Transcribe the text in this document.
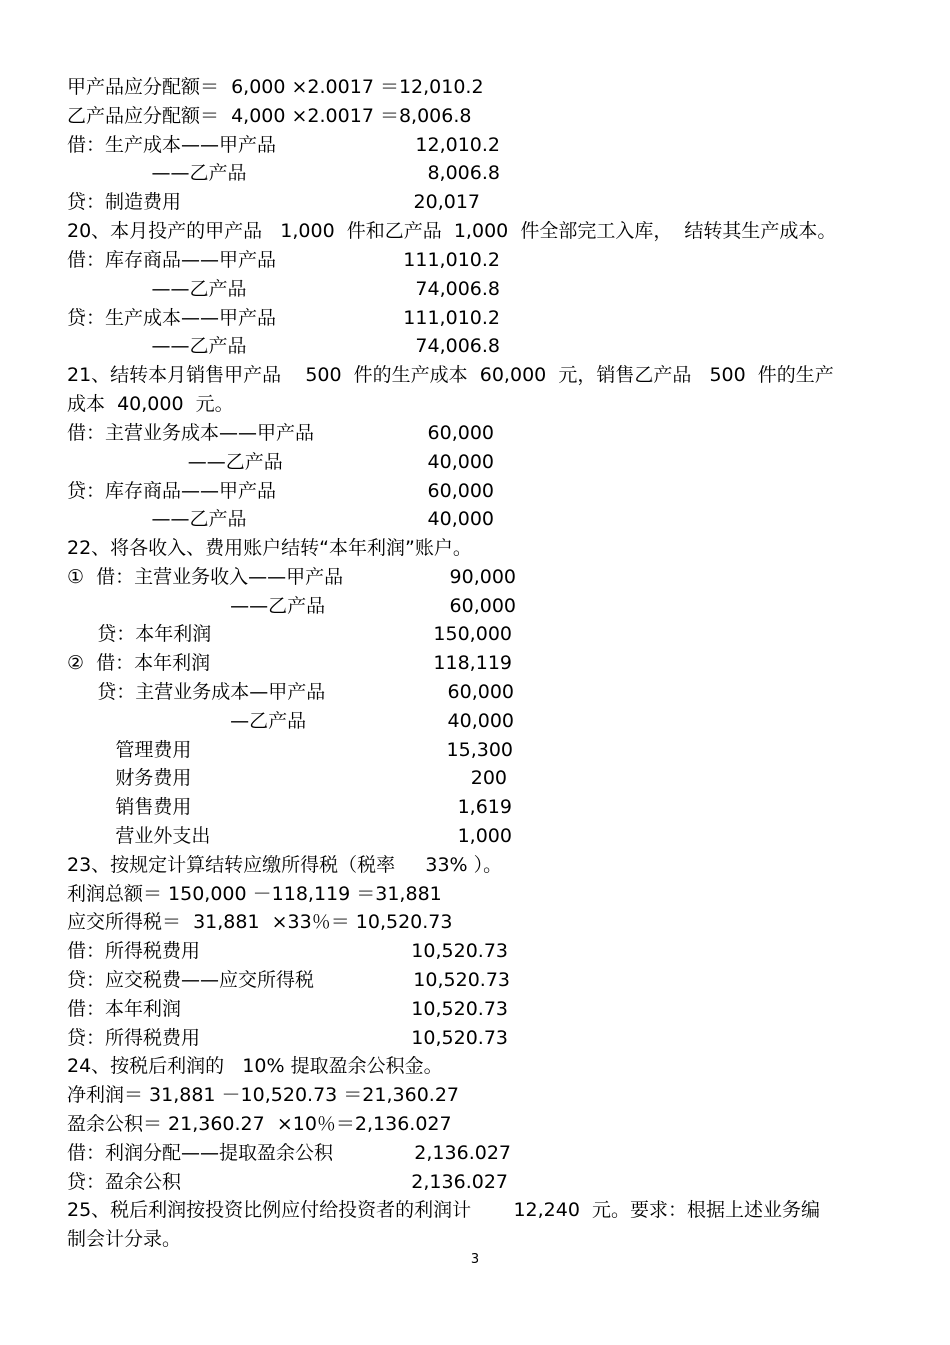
甲产品应分配额＝  6,000 ×2.0017 ＝12,010.2
乙产品应分配额＝  4,000 ×2.0017 ＝8,006.8
借：生产成本——甲产品	12,010.2
——乙产品	8,006.8
贷：制造费用	20,017
20、本月投产的甲产品   1,000  件和乙产品  1,000  件全部完工入库，  结转其生产成本。
借：库存商品——甲产品	111,010.2
——乙产品	74,006.8
贷：生产成本——甲产品	111,010.2
——乙产品	74,006.8
21、结转本月销售甲产品    500  件的生产成本  60,000  元，销售乙产品   500  件的生产
成本  40,000  元。
借：主营业务成本——甲产品	60,000
——乙产品	40,000
贷：库存商品——甲产品	60,000
——乙产品	40,000
22、将各收入、费用账户结转“本年利润”账户。
①  借：主营业务收入——甲产品	90,000
——乙产品	60,000
贷：本年利润	150,000
②  借：本年利润	118,119
贷：主营业务成本—甲产品	60,000
—乙产品	40,000
管理费用	15,300
财务费用	200
销售费用	1,619
营业外支出	1,000
23、按规定计算结转应缴所得税（税率     33% ）。
利润总额＝ 150,000 －118,119 ＝31,881
应交所得税＝  31,881  ×33％＝ 10,520.73
借：所得税费用	10,520.73
贷：应交税费——应交所得税	10,520.73
借：本年利润	10,520.73
贷：所得税费用	10,520.73
24、按税后利润的   10% 提取盈余公积金。
净利润＝ 31,881 －10,520.73 ＝21,360.27
盈余公积＝ 21,360.27  ×10％＝2,136.027
借：利润分配——提取盈余公积	2,136.027
贷：盈余公积	2,136.027
25、税后利润按投资比例应付给投资者的利润计       12,240  元。要求：根据上述业务编
制会计分录。
3
